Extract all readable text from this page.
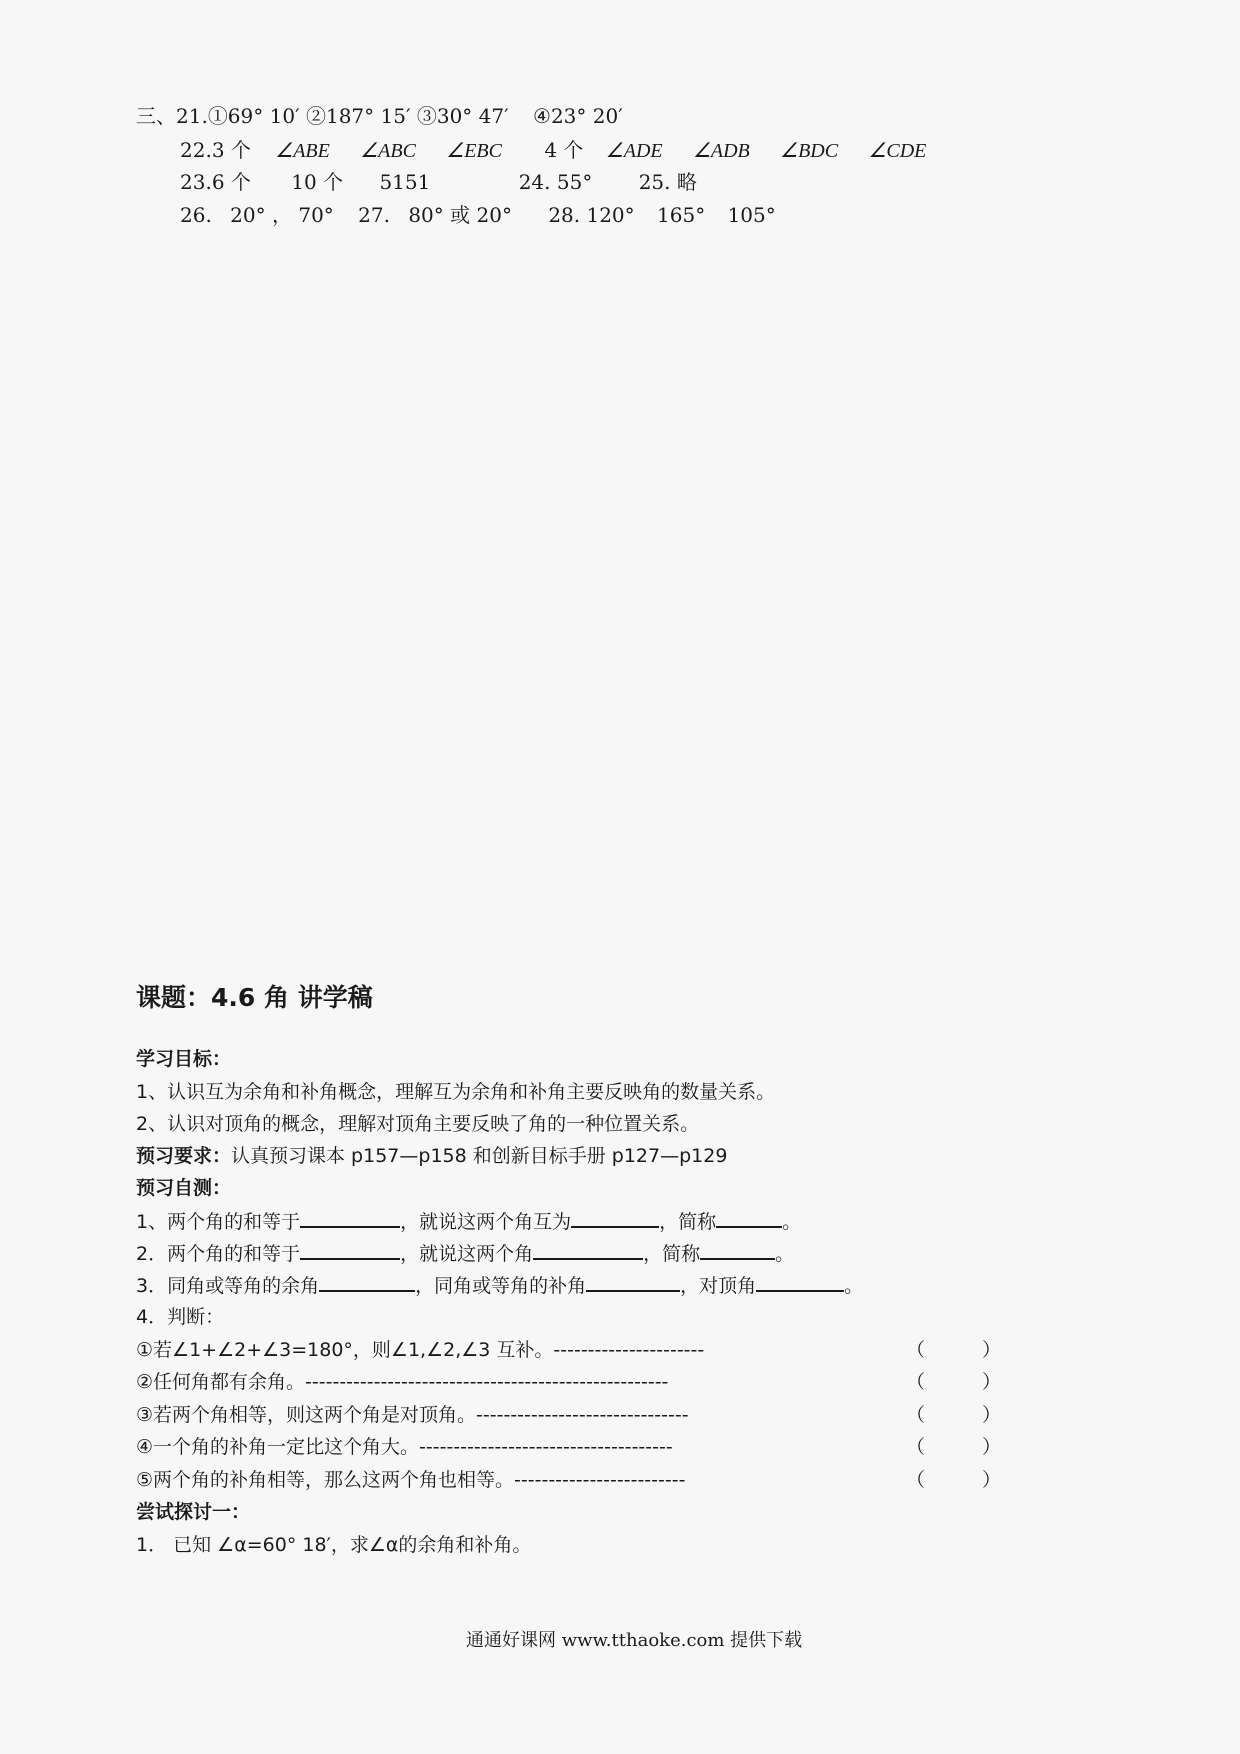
三、21.①69° 10′ ②187° 15′ ③30° 47′ ④23° 20′
22.3 个 ∠ABE ∠ABC ∠EBC 4 个 ∠ADE ∠ADB ∠BDC ∠CDE
23.6 个 10 个 5151	24. 55° 25. 略
26. 20° ， 70° 27. 80° 或 20° 28. 120° 165° 105°
课题：4.6 角 讲学稿
学习目标：
1、认识互为余角和补角概念，理解互为余角和补角主要反映角的数量关系。
2、认识对顶角的概念，理解对顶角主要反映了角的一种位置关系。
预习要求：认真预习课本 p157—p158 和创新目标手册 p127—p129
预习自测：
1、两个角的和等于	，就说这两个角互为	，简称	。
2．两个角的和等于	，就说这两个角	，简称	。
3．同角或等角的余角	，同角或等角的补角	，对顶角	。
4．判断：
①若∠1+∠2+∠3=180°，则∠1,∠2,∠3 互补。----------------------	（　　　）
②任何角都有余角。-----------------------------------------------------	（　　　）
③若两个角相等，则这两个角是对顶角。-------------------------------	（　　　）
④一个角的补角一定比这个角大。-------------------------------------	（　　　）
⑤两个角的补角相等，那么这两个角也相等。-------------------------	（　　　）
尝试探讨一：
1． 已知 ∠α=60° 18′，求∠α的余角和补角。
通通好课网 www.tthaoke.com 提供下载
